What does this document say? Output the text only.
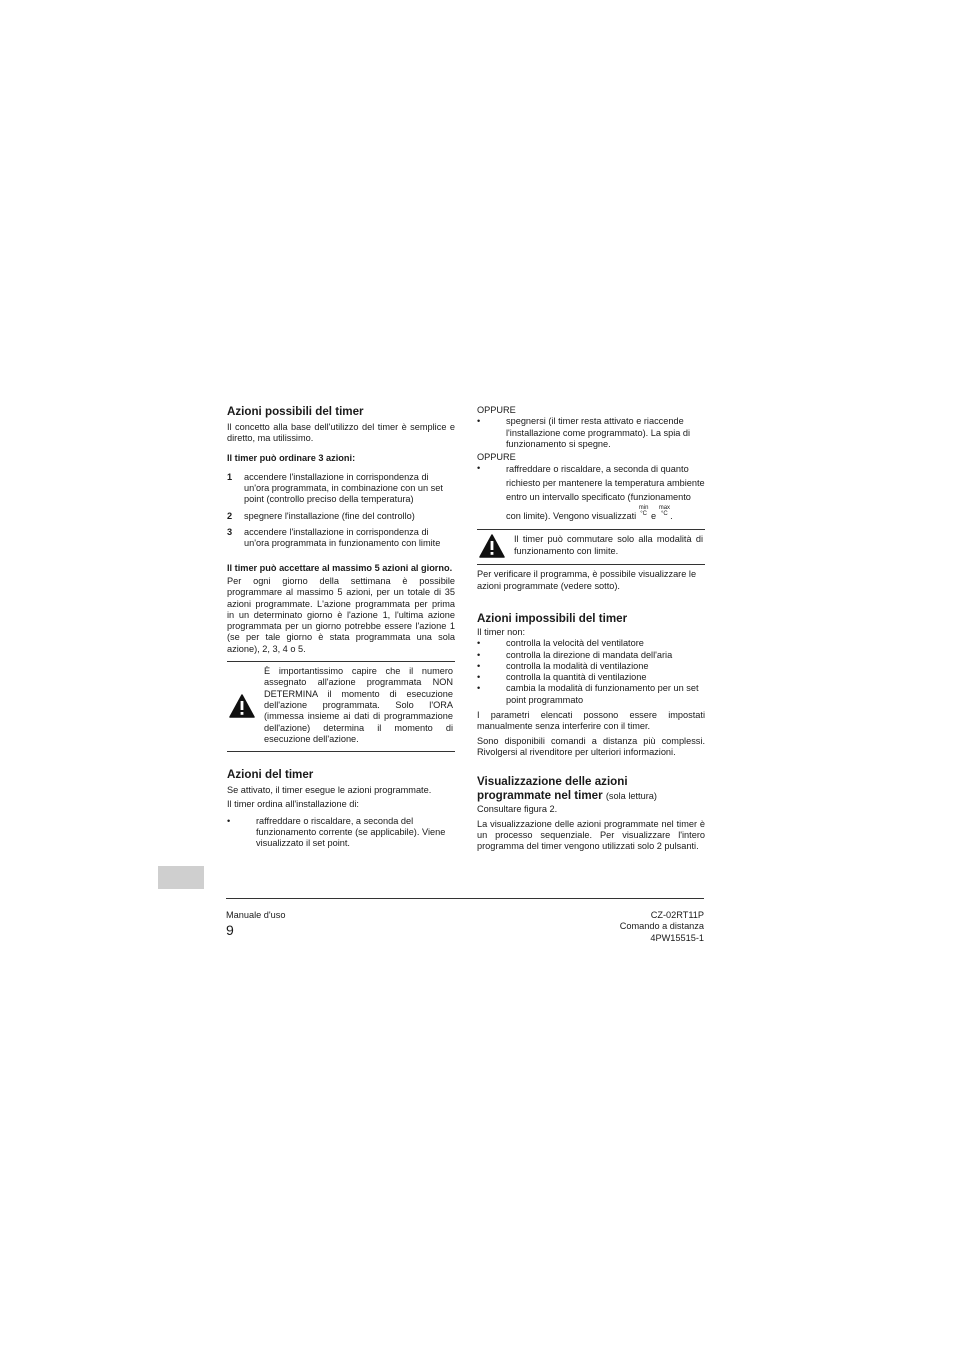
Azioni possibili del timer

Il concetto alla base dell'utilizzo del timer è semplice e diretto, ma utilissimo.

Il timer può ordinare 3 azioni:

1	accendere l'installazione in corrispondenza di un'ora programmata, in combinazione con un set point (controllo preciso della temperatura)
2	spegnere l'installazione (fine del controllo)
3	accendere l'installazione in corrispondenza di un'ora programmata in funzionamento con limite

Il timer può accettare al massimo 5 azioni al giorno.

Per ogni giorno della settimana è possibile programmare al massimo 5 azioni, per un totale di 35 azioni programmate. L'azione programmata per prima in un determinato giorno è l'azione 1, l'ultima azione programmata per un giorno potrebbe essere l'azione 1 (se per tale giorno è stata programmata una sola azione), 2, 3, 4 o 5.

È importantissimo capire che il numero assegnato all'azione programmata NON DETERMINA il momento di esecuzione dell'azione programmata. Solo l'ORA (immessa insieme ai dati di programmazione dell'azione) determina il momento di esecuzione dell'azione.
Azioni del timer

Se attivato, il timer esegue le azioni programmate.

Il timer ordina all'installazione di:

•	raffreddare o riscaldare, a seconda del funzionamento corrente (se applicabile). Viene visualizzato il set point.

OPPURE

•	spegnersi (il timer resta attivato e riaccende l'installazione come programmato). La spia di funzionamento si spegne.

OPPURE

•	raffreddare o riscaldare, a seconda di quanto richiesto per mantenere la temperatura ambiente entro un intervallo specificato (funzionamento con limite). Vengono visualizzati min
°C e max
°C .
Il timer può commutare solo alla modalità di funzionamento con limite.

Per verificare il programma, è possibile visualizzare le azioni programmate (vedere sotto).

Azioni impossibili del timer

Il timer non:

•	controlla la velocità del ventilatore
•	controlla la direzione di mandata dell'aria
•	controlla la modalità di ventilazione
•	controlla la quantità di ventilazione
•	cambia la modalità di funzionamento per un set point programmato

I parametri elencati possono essere impostati manualmente senza interferire con il timer.

Sono disponibili comandi a distanza più complessi. Rivolgersi al rivenditore per ulteriori informazioni.

Visualizzazione delle azioni
programmate nel timer (sola lettura)

Consultare figura 2.

La visualizzazione delle azioni programmate nel timer è un processo sequenziale. Per visualizzare l'intero programma del timer vengono utilizzati solo 2 pulsanti.

Manuale d'uso
9
CZ-02RT11P
Comando a distanza
4PW15515-1
